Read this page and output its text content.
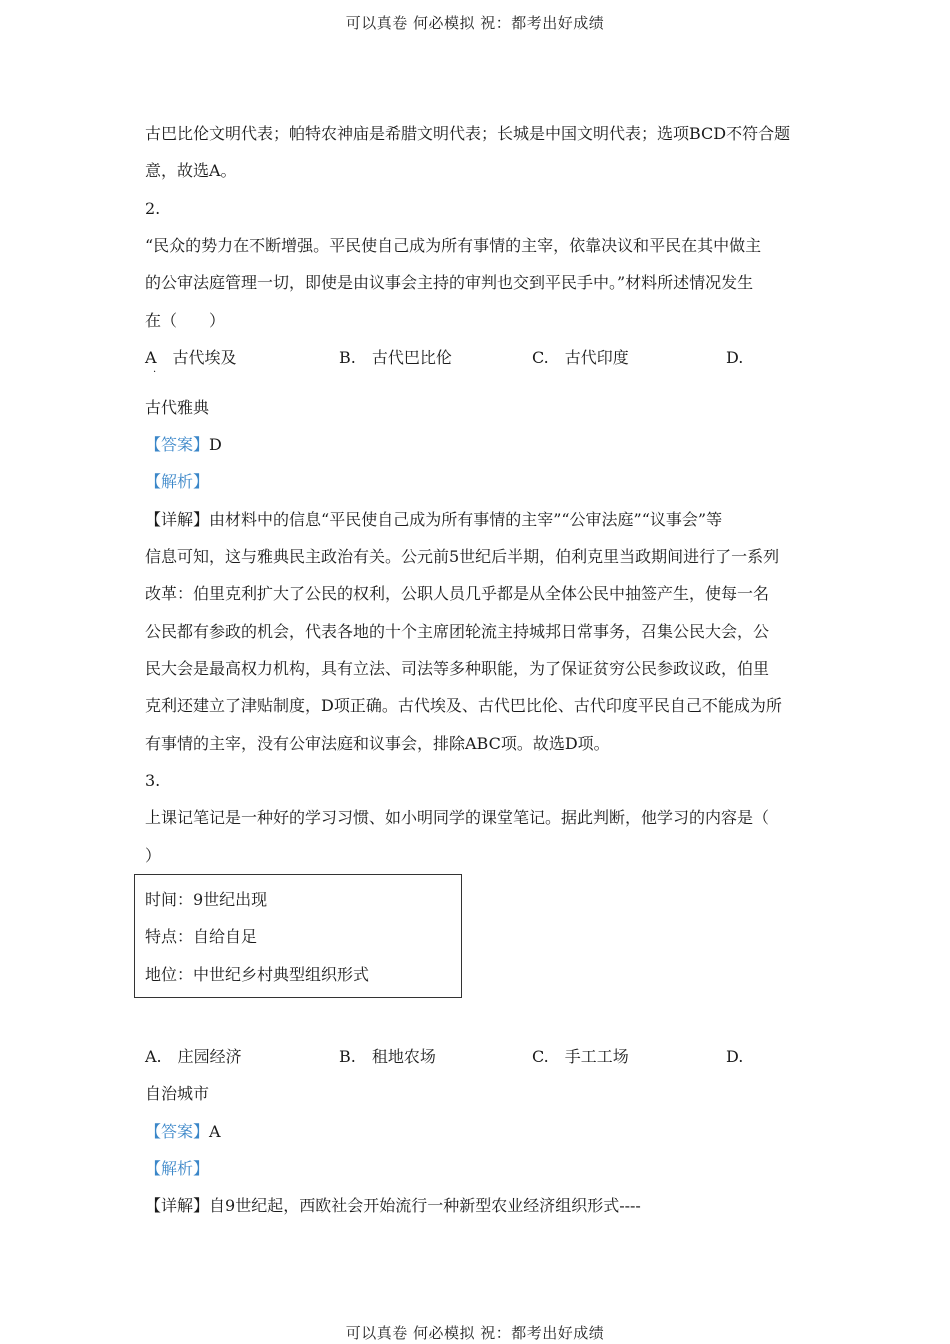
可以真卷 何必模拟 祝：都考出好成绩
古巴比伦文明代表；帕特农神庙是希腊文明代表；长城是中国文明代表；选项BCD不符合题
意，故选A。
2.
“民众的势力在不断增强。平民使自己成为所有事情的主宰，依靠决议和平民在其中做主
的公审法庭管理一切，即使是由议事会主持的审判也交到平民手中。”材料所述情况发生
在（　　）
A　古代埃及
·
B.　古代巴比伦	C.　古代印度	D.
古代雅典
【答案】D
【解析】
【详解】由材料中的信息“平民使自己成为所有事情的主宰”“公审法庭”“议事会”等
信息可知，这与雅典民主政治有关。公元前5世纪后半期，伯利克里当政期间进行了一系列
改革：伯里克利扩大了公民的权利，公职人员几乎都是从全体公民中抽签产生，使每一名
公民都有参政的机会，代表各地的十个主席团轮流主持城邦日常事务，召集公民大会，公
民大会是最高权力机构，具有立法、司法等多种职能，为了保证贫穷公民参政议政，伯里
克利还建立了津贴制度，D项正确。古代埃及、古代巴比伦、古代印度平民自己不能成为所
有事情的主宰，没有公审法庭和议事会，排除ABC项。故选D项。
3.
上课记笔记是一种好的学习习惯、如小明同学的课堂笔记。据此判断，他学习的内容是（
）
时间：9世纪出现
特点：自给自足
地位：中世纪乡村典型组织形式
A.　庄园经济	B.　租地农场	C.　手工工场	D.
自治城市
【答案】A
【解析】
【详解】自9世纪起，西欧社会开始流行一种新型农业经济组织形式----
可以真卷 何必模拟 祝：都考出好成绩
